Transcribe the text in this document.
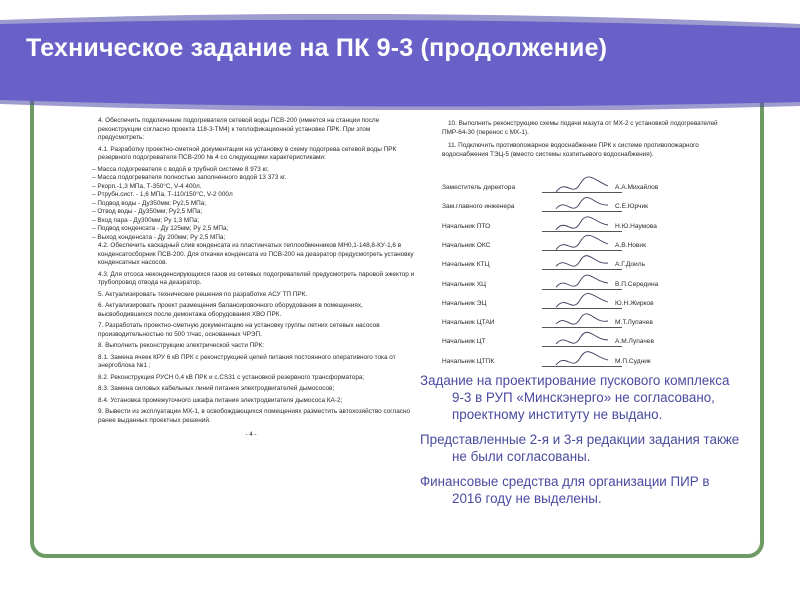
Техническое задание на ПК 9-3 (продолжение)

4. Обеспечить подключение подогревателя сетевой воды ПСВ-200 (имеется на станции после реконструкции согласно проекта 118-3-ТМ4) к теплофикационной установке ПРК. При этом предусмотреть:

4.1. Разработку проектно-сметной документации на установку в схему подогрева сетевой воды ПРК резервного подогревателя ПСВ-200 № 4 со следующими характеристиками:

– Масса подогревателя с водой в трубной системе 8 973 кг.

– Масса подогревателя полностью заполненного водой 13 373 кг.

– Pкорп.-1,3 МПа, Т-350°С, V-4 400л.

– Pтрубн.сист. - 1,6 МПа, Т-110/150°С, V-2 000л

– Подвод воды - Ду350мм; Ру2,5 МПа;

– Отвод воды - Ду350мм; Ру2,5 МПа;

– Вход пара - Ду300мм; Ру 1,3 МПа;

– Подвод конденсата - Ду 125мм; Ру 2,5 МПа;

– Выход конденсата - Ду 200мм; Ру 2,5 МПа;

4.2. Обеспечить каскадный слив конденсата из пластинчатых теплообменников МН0,1-148,8-КУ-1,6 в конденсатосборник ПСВ-200. Для откачки конденсата из ПСВ-200 на деаэратор предусмотреть установку конденсатных насосов.

4.3. Для отсоса неконденсирующихся газов из сетевых подогревателей предусмотреть паровой эжектор и трубопровод отвода на деаэратор.

5. Актуализировать технические решения по разработке АСУ ТП ПРК.

6. Актуализировать проект размещения балансировочного оборудования в помещениях, высвободившихся после демонтажа оборудования ХВО ПРК.

7. Разработать проектно-сметную документацию на установку группы летних сетевых насосов производительностью по 500 т/час, основанных ЧРЭП.

8. Выполнить реконструкцию электрической части ПРК:

8.1. Замена ячеек КРУ 6 кВ ПРК с реконструкцией цепей питания постоянного оперативного тока от энергоблока №1 ;

8.2. Реконструкция РУСН 0,4 кВ ПРК и с.CS31 с установкой резервного трансформатора;

8.3. Замена силовых кабельных линий питания электродвигателей дымососов;

8.4. Установка промежуточного шкафа питания электродвигателя дымососа КА-2;

9. Вывести из эксплуатации МХ-1, в освобождающихся помещениях разместить автохозяйство согласно ранее выданных проектных решений.

- 4 -

10. Выполнить реконструкцию схемы подачи мазута от МХ-2 с установкой подогревателей ПМР-64-30 (перенос с МХ-1).

11. Подключить противопожарное водоснабжение ПРК к системе противопожарного водоснабжения ТЭЦ-5 (вместо системы хозпитьевого водоснабжения).

Заместитель директора	А.А.Михайлов
Зам.главного инженера	С.Е.Юрчик
Начальник ПТО	Н.Ю.Наумова
Начальник ОКС	А.В.Новик
Начальник КТЦ	А.Г.Доиль
Начальник ХЦ	В.П.Середина
Начальник ЭЦ	Ю.Н.Жирков
Начальник ЦТАИ	М.Т.Лупачев
Начальник ЦТ	А.М.Лупачев
Начальник ЦТПК	М.П.Судник

Задание на проектирование пускового комплекса 9-3 в РУП «Минскэнерго» не согласовано, проектному институту не выдано.

Представленные 2-я и 3-я редакции задания также не были согласованы.

Финансовые средства для организации ПИР в 2016 году не выделены.
